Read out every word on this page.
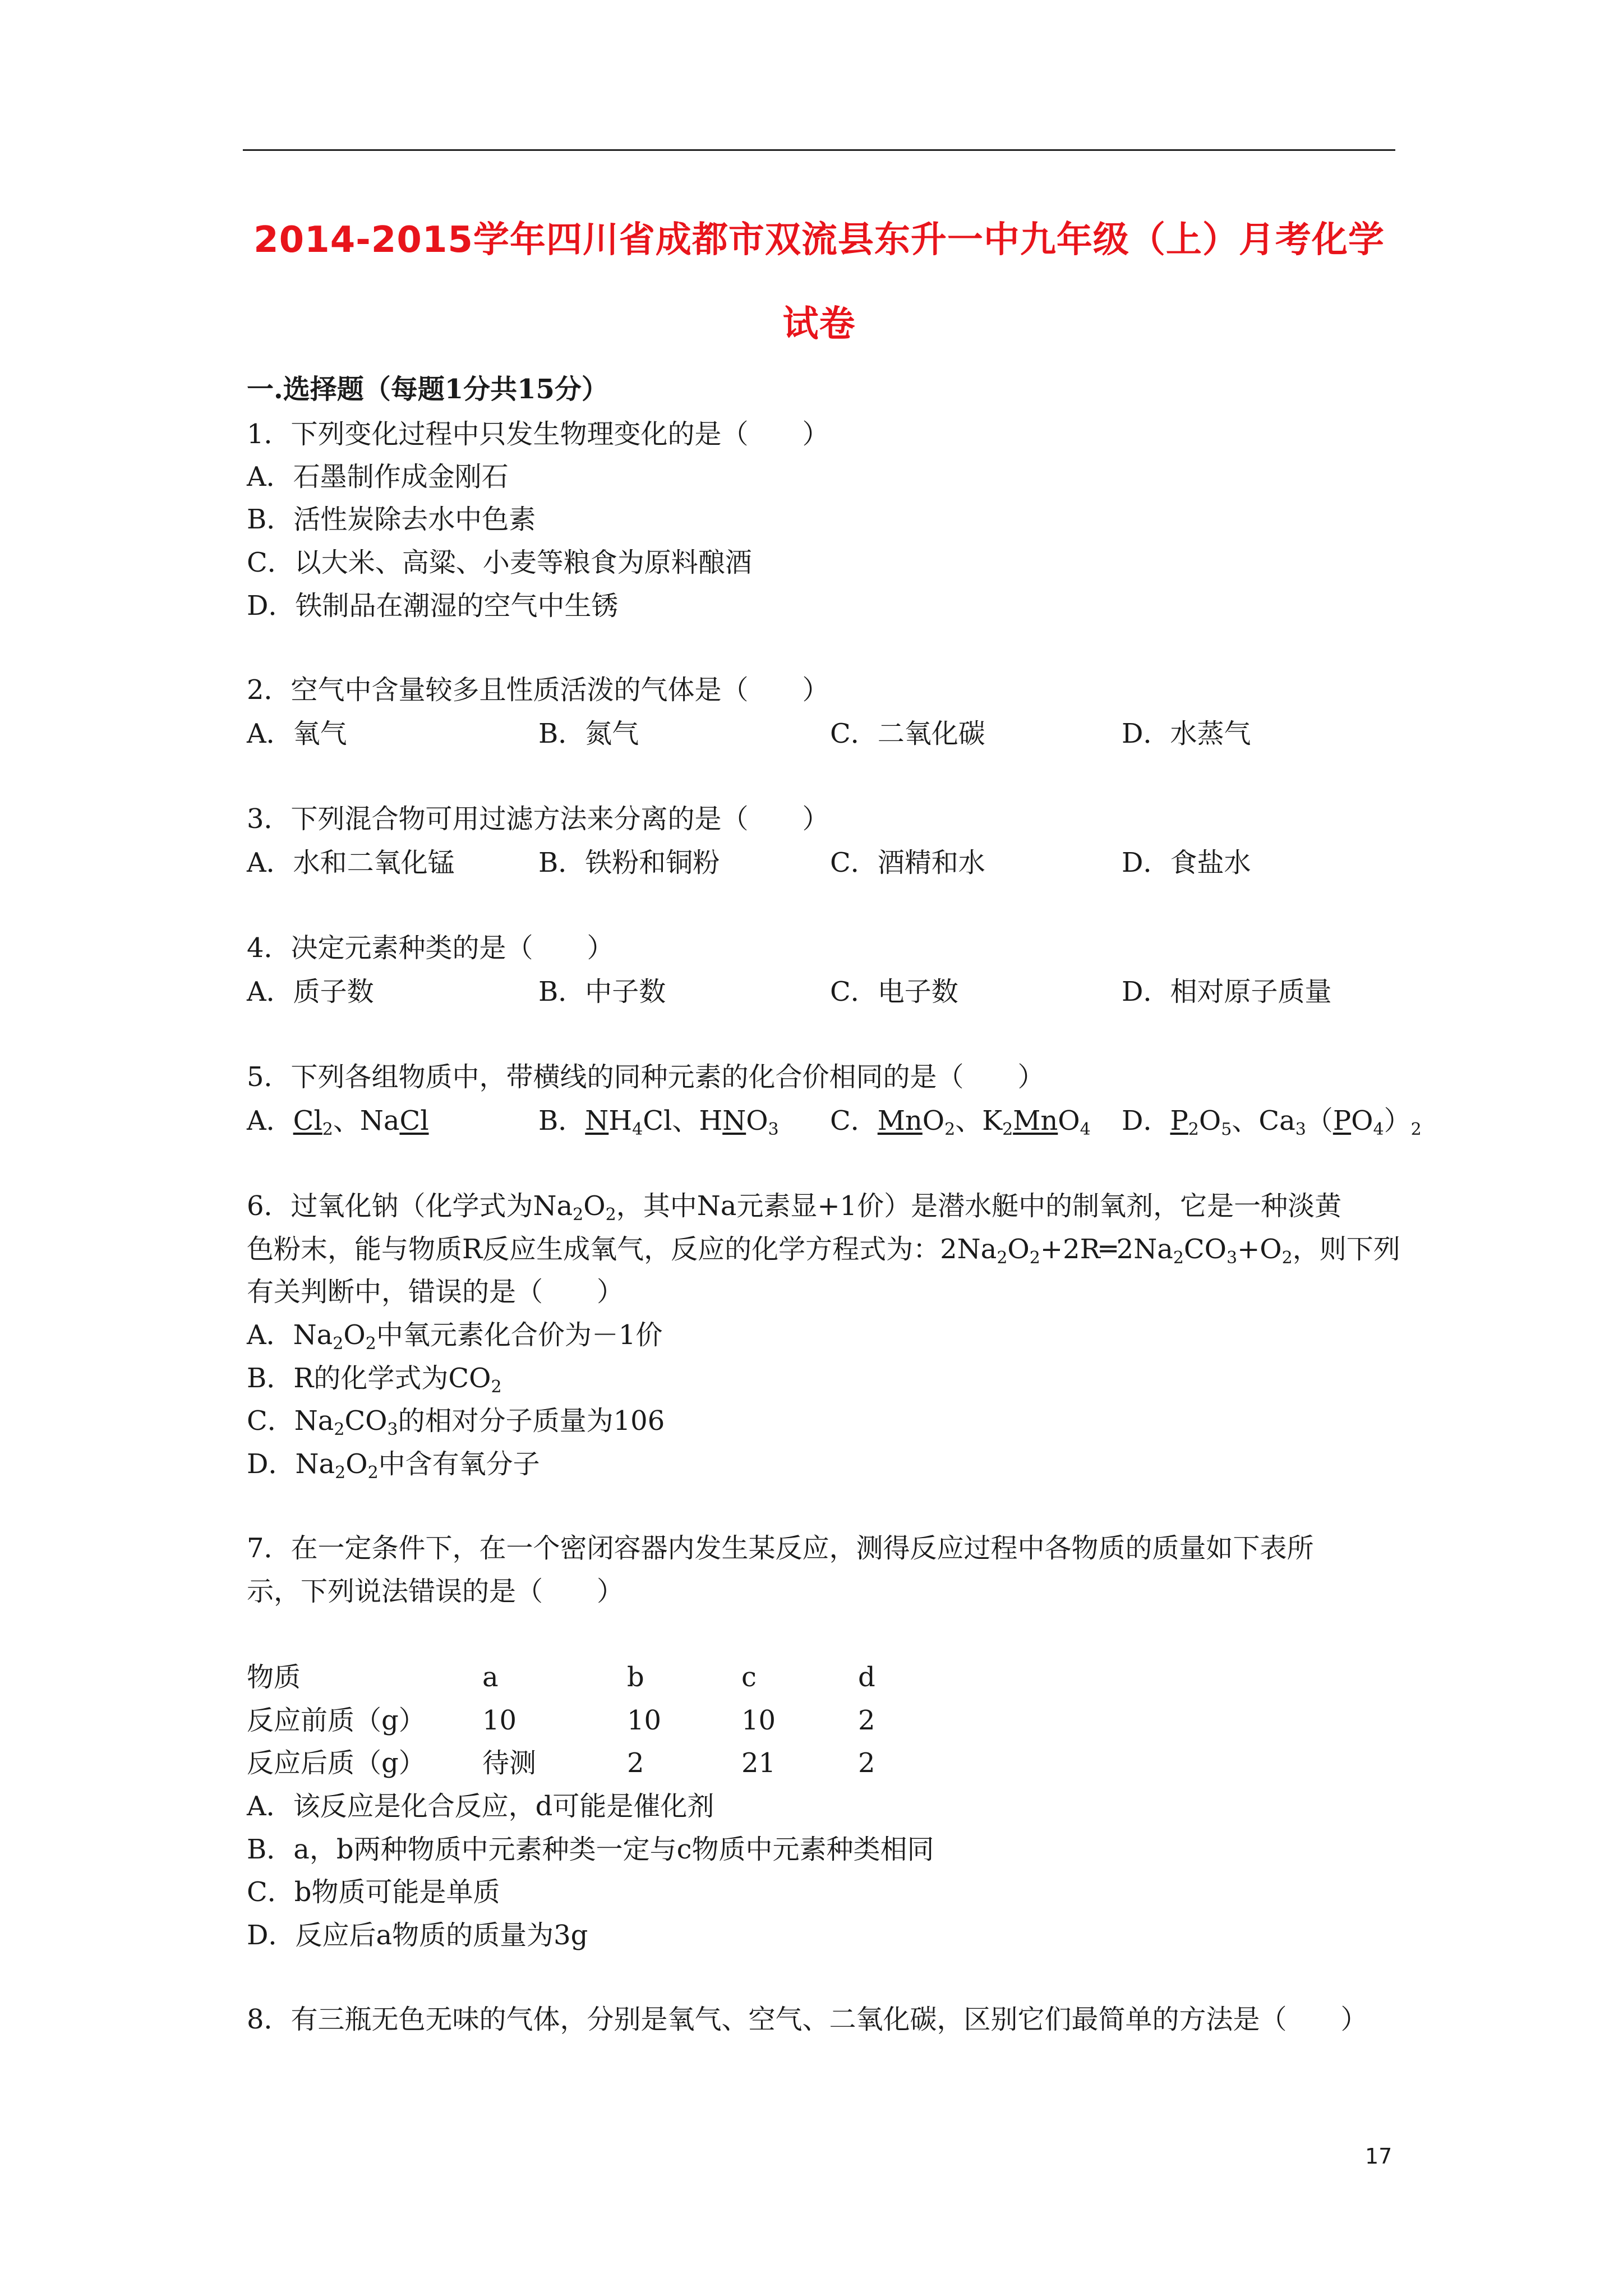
2014-2015学年四川省成都市双流县东升一中九年级（上）月考化学
试卷
一.选择题（每题1分共15分）
1．下列变化过程中只发生物理变化的是（　　）
A．石墨制作成金刚石
B．活性炭除去水中色素
C．以大米、高粱、小麦等粮食为原料酿酒
D．铁制品在潮湿的空气中生锈
2．空气中含量较多且性质活泼的气体是（　　）
A．氧气	B．氮气	C．二氧化碳	D．水蒸气
3．下列混合物可用过滤方法来分离的是（　　）
A．水和二氧化锰	B．铁粉和铜粉	C．酒精和水	D．食盐水
4．决定元素种类的是（　　）
A．质子数	B．中子数	C．电子数	D．相对原子质量
5．下列各组物质中，带横线的同种元素的化合价相同的是（　　）
A．$Cl_2$、NaCl	B．$NH_4Cl$、$HNO_3$ C．MnO$_2$、$K_2MnO_4$ D．$P_2O_5$、$Ca_3(PO_4)_2$
6．过氧化钠（化学式为$Na_2O_2$，其中Na元素显+1价）是潜水艇中的制氧剂，它是一种淡黄
色粉末，能与物质R反应生成氧气，反应的化学方程式为：$2Na_2O_2+2R═2Na_2CO_3+O_2$，则下列
有关判断中，错误的是（　　）
A．$Na_2O_2$中氧元素化合价为－1价
B．R的化学式为$CO_2$
C．$Na_2CO_3$的相对分子质量为106
D．$Na_2O_2$中含有氧分子
7．在一定条件下，在一个密闭容器内发生某反应，测得反应过程中各物质的质量如下表所
示，下列说法错误的是（　　）
物质	a	b	c	d
反应前质（g） 10	10	10	2
反应后质（g） 待测	2	21	2
A．该反应是化合反应，d可能是催化剂
B．a，b两种物质中元素种类一定与c物质中元素种类相同
C．b物质可能是单质
D．反应后a物质的质量为3g
8．有三瓶无色无味的气体，分别是氧气、空气、二氧化碳，区别它们最简单的方法是（　　）
17
